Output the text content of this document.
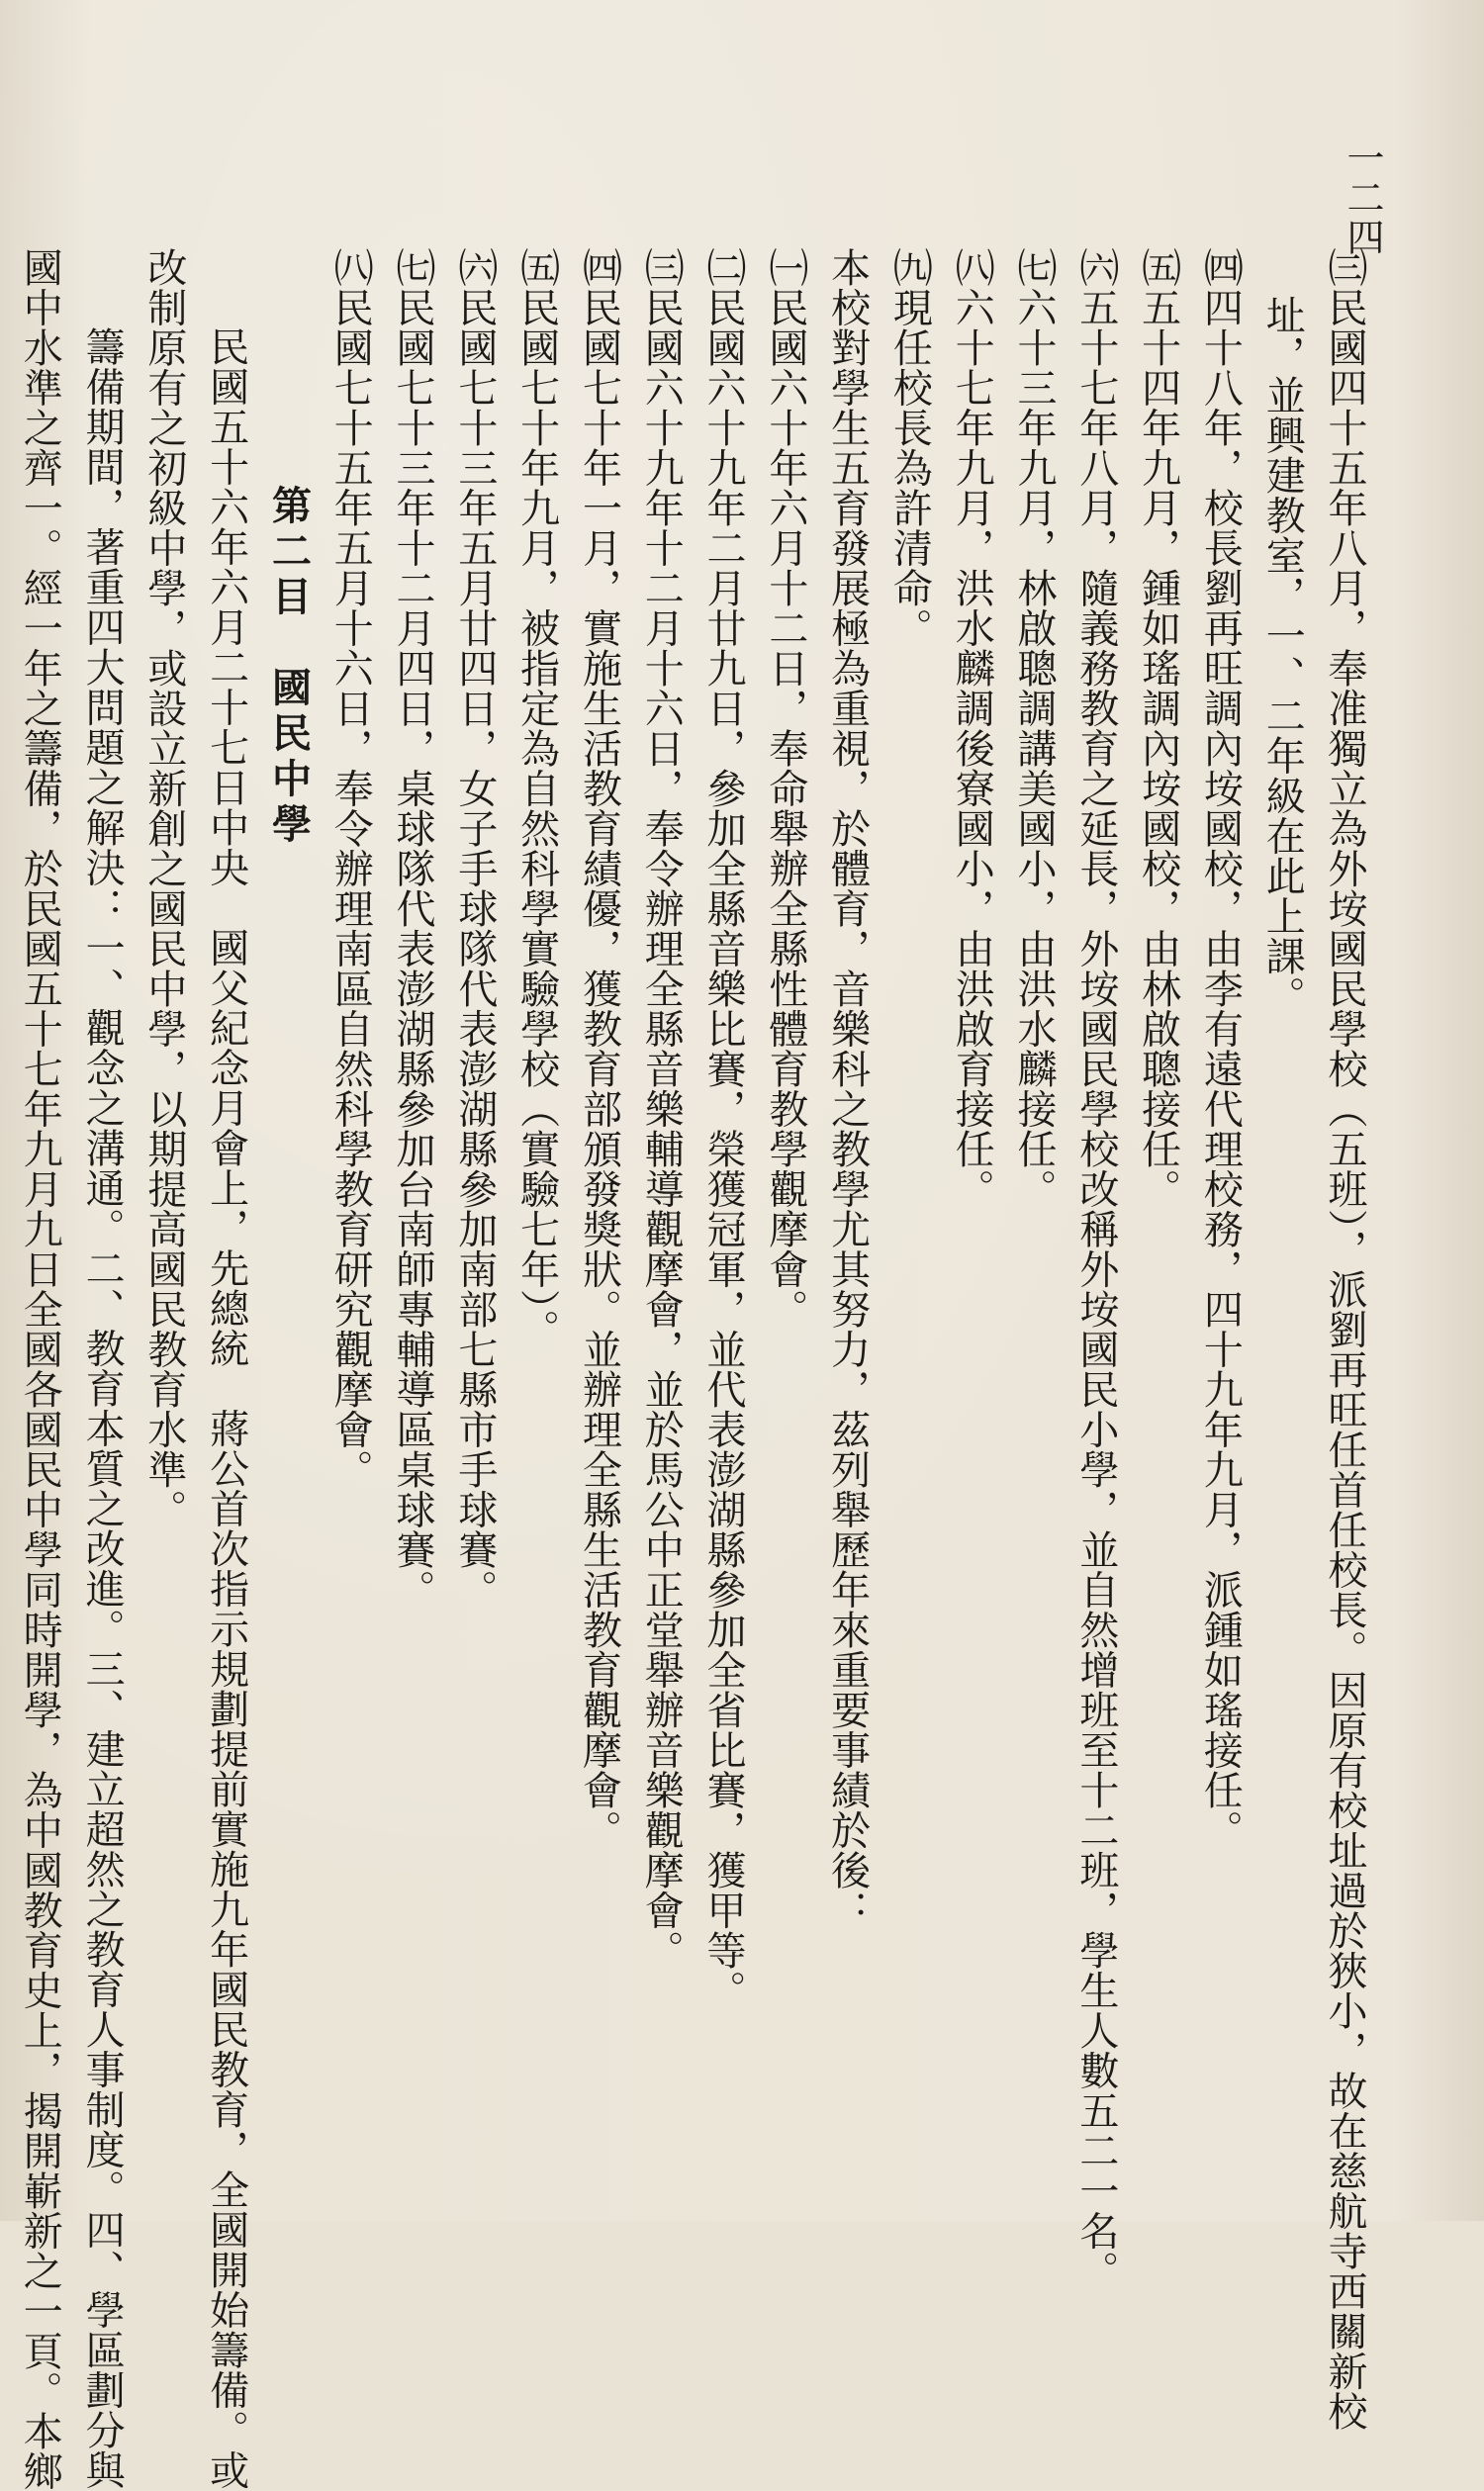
一二四

㈢民國四十五年八月，奉准獨立為外垵國民學校（五班），派劉再旺任首任校長。因原有校址過於狹小，故在慈航寺西關新校

址，並興建教室，一、二年級在此上課。

㈣四十八年，校長劉再旺調內垵國校，由李有遠代理校務，四十九年九月，派鍾如瑤接任。

㈤五十四年九月，鍾如瑤調內垵國校，由林啟聰接任。

㈥五十七年八月，隨義務教育之延長，外垵國民學校改稱外垵國民小學，並自然增班至十二班，學生人數五二一名。

㈦六十三年九月，林啟聰調講美國小，由洪水麟接任。

㈧六十七年九月，洪水麟調後寮國小，由洪啟育接任。

㈨現任校長為許清命。

本校對學生五育發展極為重視，於體育，音樂科之教學尤其努力，茲列舉歷年來重要事績於後：

㈠民國六十年六月十二日，奉命舉辦全縣性體育教學觀摩會。

㈡民國六十九年二月廿九日，參加全縣音樂比賽，榮獲冠軍，並代表澎湖縣參加全省比賽，獲甲等。

㈢民國六十九年十二月十六日，奉令辦理全縣音樂輔導觀摩會，並於馬公中正堂舉辦音樂觀摩會。

㈣民國七十年一月，實施生活教育績優，獲教育部頒發獎狀。並辦理全縣生活教育觀摩會。

㈤民國七十年九月，被指定為自然科學實驗學校（實驗七年）。

㈥民國七十三年五月廿四日，女子手球隊代表澎湖縣參加南部七縣市手球賽。

㈦民國七十三年十二月四日，桌球隊代表澎湖縣參加台南師專輔導區桌球賽。

㈧民國七十五年五月十六日，奉令辦理南區自然科學教育研究觀摩會。

第二目　國民中學

民國五十六年六月二十七日中央　國父紀念月會上，先總統　蔣公首次指示規劃提前實施九年國民教育，全國開始籌備。或

改制原有之初級中學，或設立新創之國民中學，以期提高國民教育水準。

籌備期間，著重四大問題之解決：一、觀念之溝通。二、教育本質之改進。三、建立超然之教育人事制度。四、學區劃分與

國中水準之齊一。經一年之籌備，於民國五十七年九月九日全國各國民中學同時開學，為中國教育史上，揭開嶄新之一頁。本鄉
